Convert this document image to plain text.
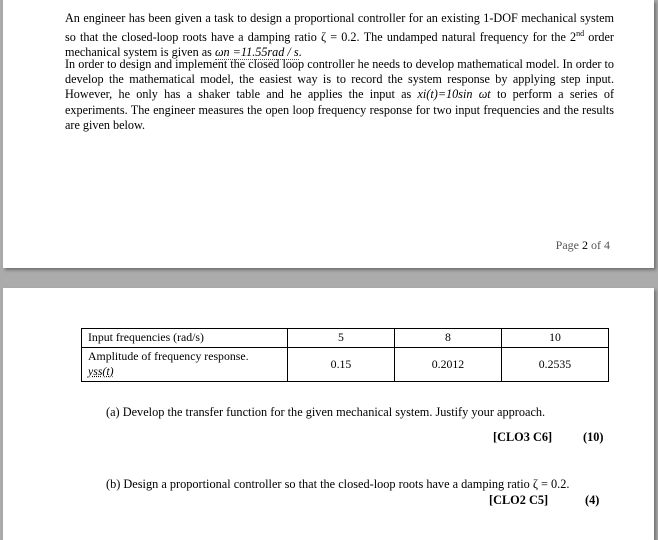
An engineer has been given a task to design a proportional controller for an existing 1-DOF mechanical system so that the closed-loop roots have a damping ratio ζ = 0.2. The undamped natural frequency for the 2nd order mechanical system is given as ωn =11.55rad / s.
In order to design and implement the closed loop controller he needs to develop mathematical model. In order to develop the mathematical model, the easiest way is to record the system response by applying step input. However, he only has a shaker table and he applies the input as xi(t)=10sin ωt to perform a series of experiments. The engineer measures the open loop frequency response for two input frequencies and the results are given below.
Page 2 of 4
Input frequencies (rad/s)	5	8	10
Amplitude of frequency response.
yss(t)	0.15	0.2012	0.2535
(a) Develop the transfer function for the given mechanical system. Justify your approach.
[CLO3 C6]	(10)
(b) Design a proportional controller so that the closed-loop roots have a damping ratio ζ = 0.2.
[CLO2 C5]	(4)
